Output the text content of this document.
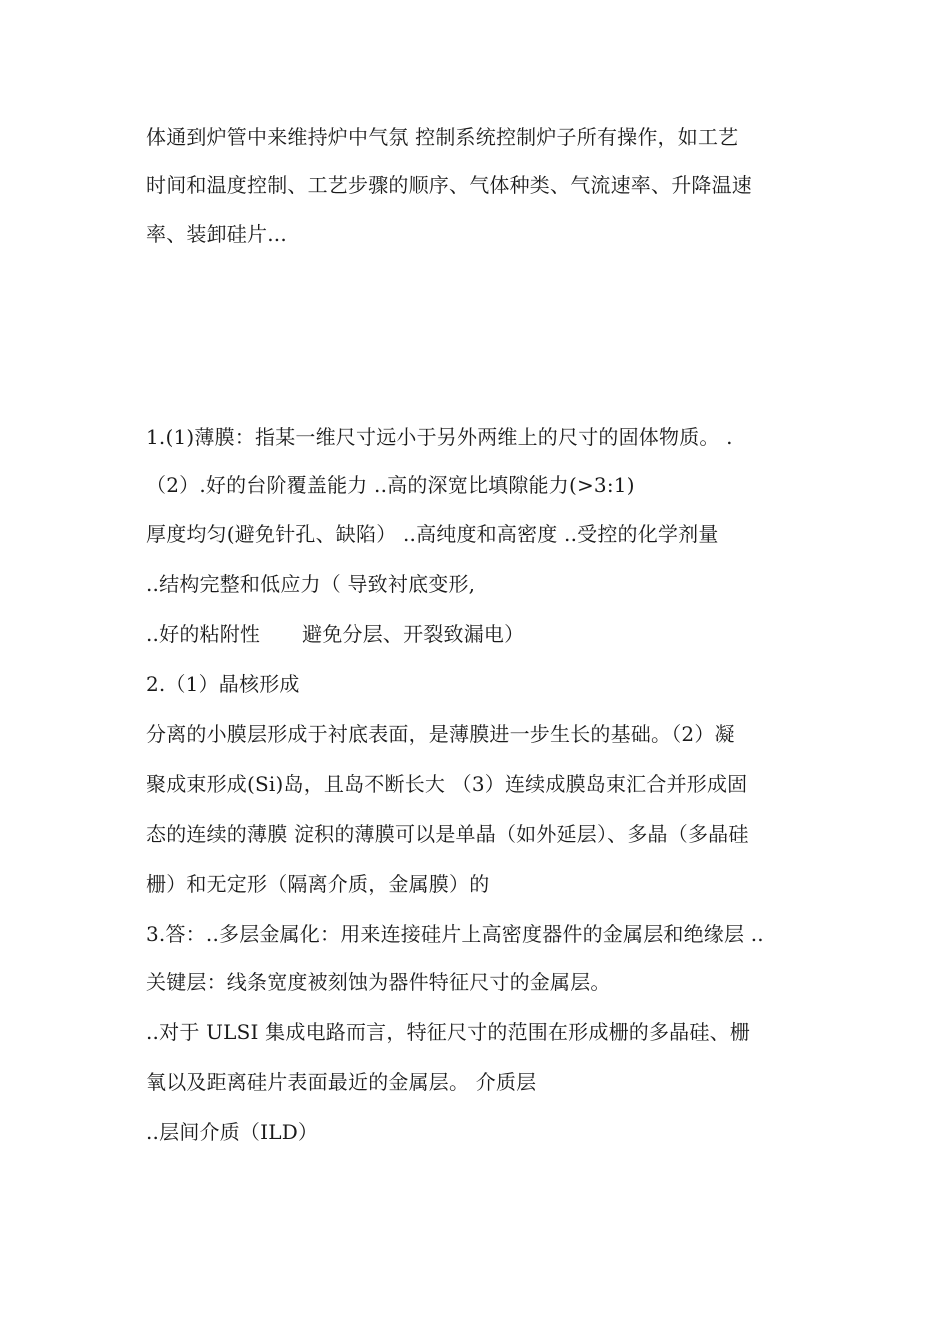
体通到炉管中来维持炉中气氛 控制系统控制炉子所有操作，如工艺
时间和温度控制、工艺步骤的顺序、气体种类、气流速率、升降温速
率、装卸硅片...
1.(1)薄膜：指某一维尺寸远小于另外两维上的尺寸的固体物质。 .
（2）.好的台阶覆盖能力 ..高的深宽比填隙能力(>3:1)
厚度均匀(避免针孔、缺陷） ..高纯度和高密度 ..受控的化学剂量
..结构完整和低应力（ 导致衬底变形,
..好的粘附性 避免分层、开裂致漏电）
2.（1）晶核形成
分离的小膜层形成于衬底表面，是薄膜进一步生长的基础。（2）凝
聚成束形成(Si)岛，且岛不断长大 （3）连续成膜岛束汇合并形成固
态的连续的薄膜 淀积的薄膜可以是单晶（如外延层）、多晶（多晶硅
栅）和无定形（隔离介质，金属膜）的
3.答：..多层金属化：用来连接硅片上高密度器件的金属层和绝缘层 ..
关键层：线条宽度被刻蚀为器件特征尺寸的金属层。
..对于 ULSI 集成电路而言，特征尺寸的范围在形成栅的多晶硅、栅
氧以及距离硅片表面最近的金属层。 介质层
..层间介质（ILD）
